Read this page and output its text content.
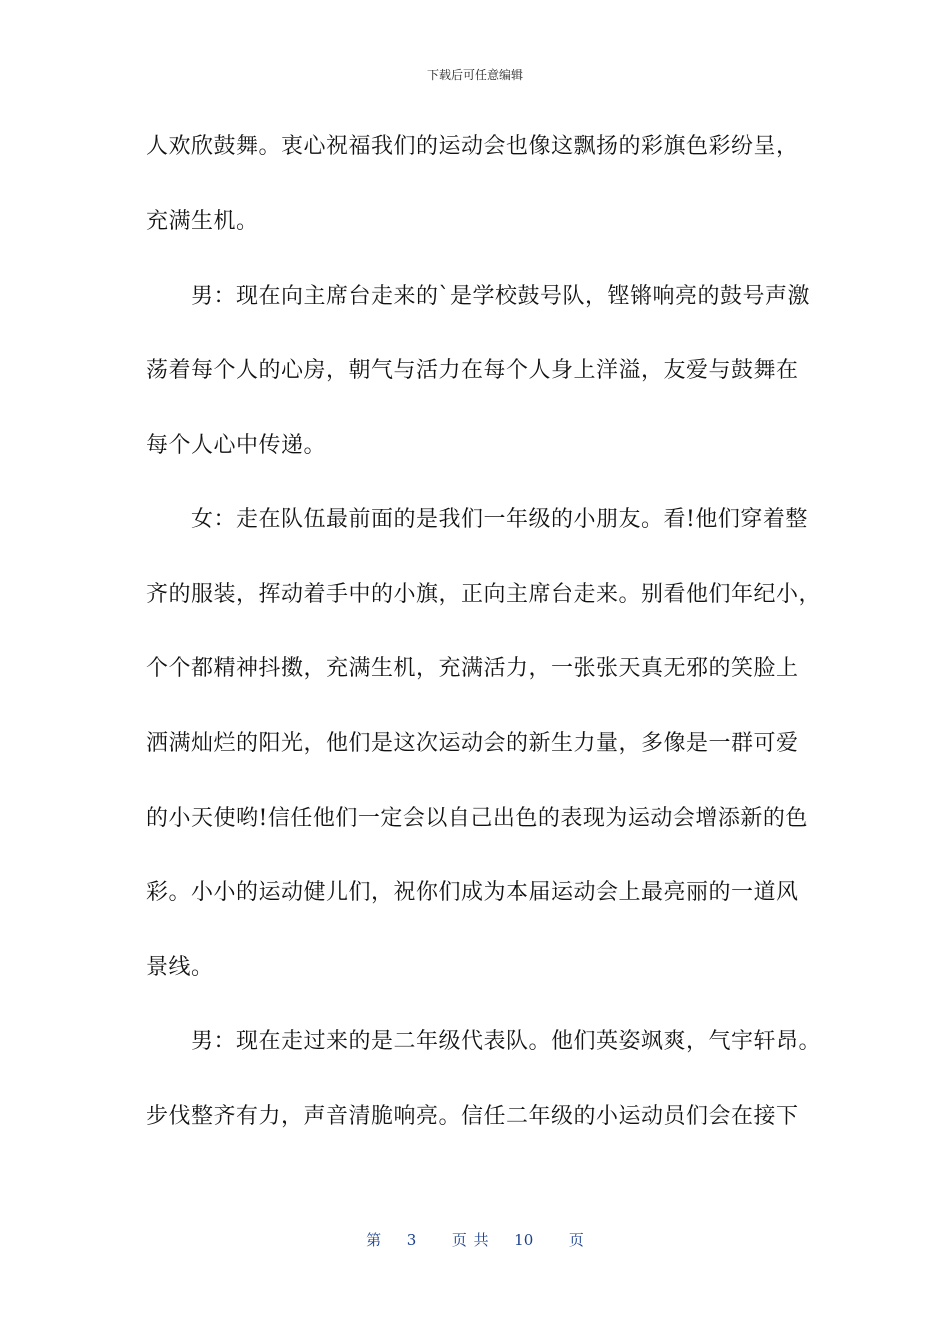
下载后可任意编辑
人欢欣鼓舞。衷心祝福我们的运动会也像这飘扬的彩旗色彩纷呈，
充满生机。
　　男：现在向主席台走来的`是学校鼓号队，铿锵响亮的鼓号声激
荡着每个人的心房，朝气与活力在每个人身上洋溢，友爱与鼓舞在
每个人心中传递。
　　女：走在队伍最前面的是我们一年级的小朋友。看!他们穿着整
齐的服装，挥动着手中的小旗，正向主席台走来。别看他们年纪小，
个个都精神抖擞，充满生机，充满活力，一张张天真无邪的笑脸上
洒满灿烂的阳光，他们是这次运动会的新生力量，多像是一群可爱
的小天使哟!信任他们一定会以自己出色的表现为运动会增添新的色
彩。小小的运动健儿们，祝你们成为本届运动会上最亮丽的一道风
景线。
　　男：现在走过来的是二年级代表队。他们英姿飒爽，气宇轩昂。
步伐整齐有力，声音清脆响亮。信任二年级的小运动员们会在接下
第 3 页 共 10 页
